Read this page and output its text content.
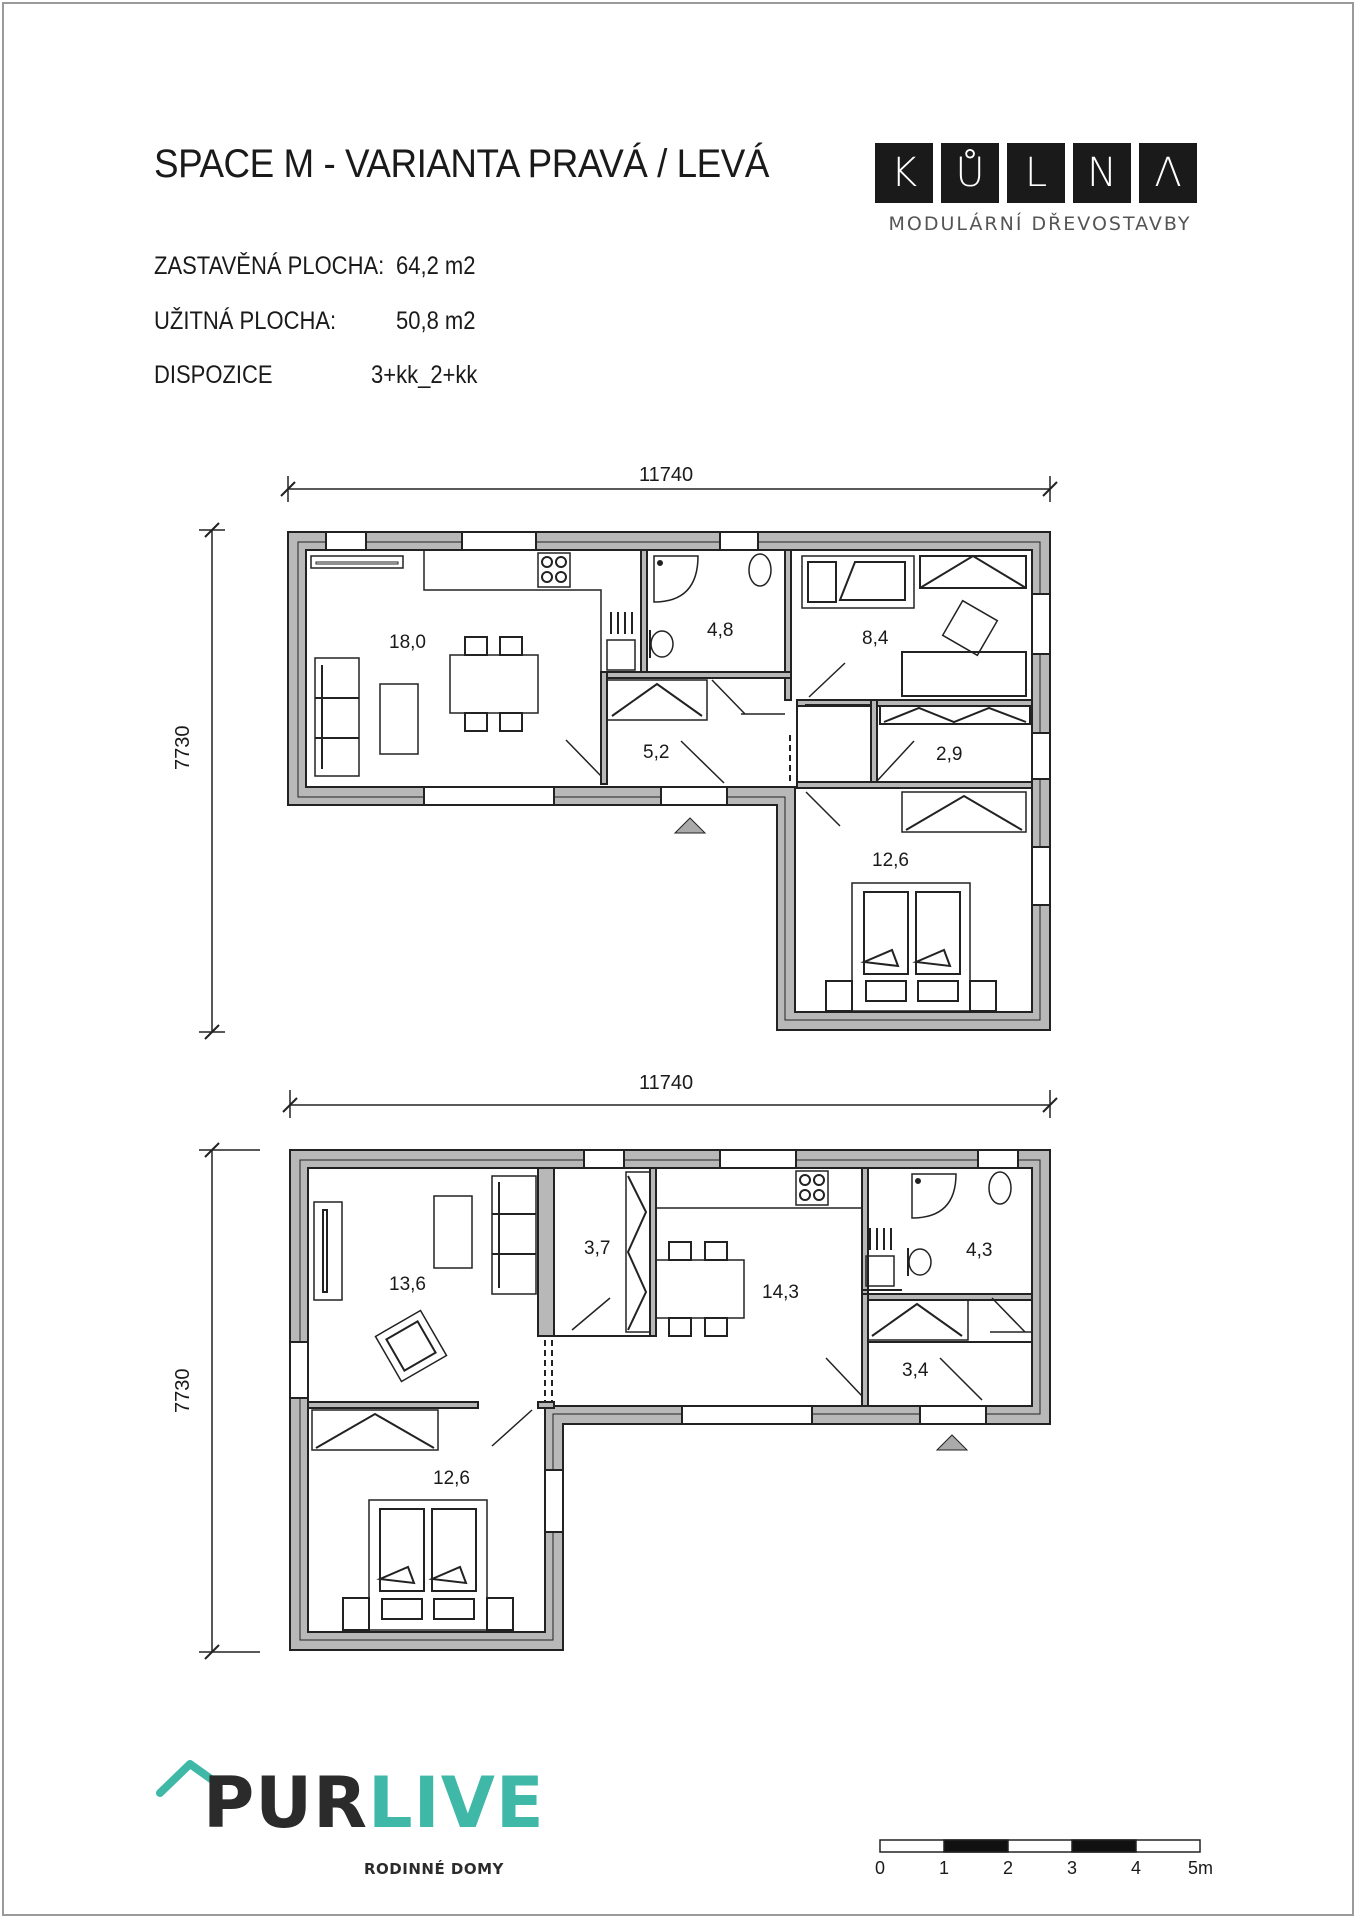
SPACE M - VARIANTA PRAVÁ / LEVÁ
ZASTAVĚNÁ PLOCHA: 64,2 m2
UŽITNÁ PLOCHA: 50,8 m2
DISPOZICE	3+kk_2+kk
K Ů	L N Λ
MODULÁRNÍ DŘEVOSTAVBY
11740
7730
18,0
4,8	8,4
5,2	2,9
12,6
11740
7730
13,6
3,7
14,3
4,3
3,4
12,6
PURLIVE
RODINNÉ DOMY	0	1	2	3	4	5m
